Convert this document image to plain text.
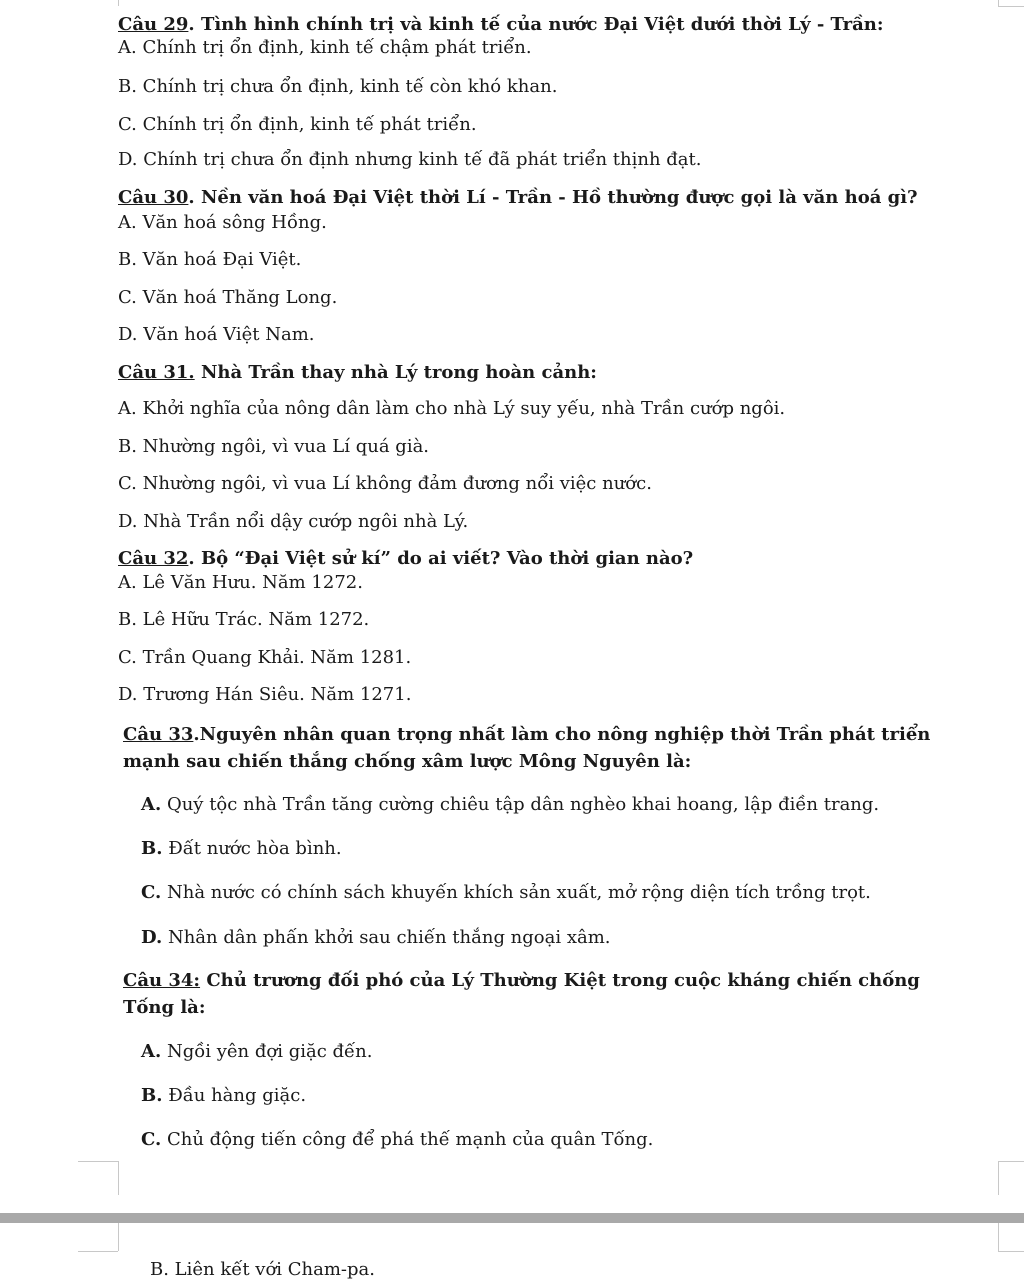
Câu 29. Tình hình chính trị và kinh tế của nước Đại Việt dưới thời Lý - Trần:
A. Chính trị ổn định, kinh tế chậm phát triển.
B. Chính trị chưa ổn định, kinh tế còn khó khan.
C. Chính trị ổn định, kinh tế phát triển.
D. Chính trị chưa ổn định nhưng kinh tế đã phát triển thịnh đạt.
Câu 30. Nền văn hoá Đại Việt thời Lí - Trần - Hồ thường được gọi là văn hoá gì?
A. Văn hoá sông Hồng.
B. Văn hoá Đại Việt.
C. Văn hoá Thăng Long.
D. Văn hoá Việt Nam.
Câu 31. Nhà Trần thay nhà Lý trong hoàn cảnh:
A. Khởi nghĩa của nông dân làm cho nhà Lý suy yếu, nhà Trần cướp ngôi.
B. Nhường ngôi, vì vua Lí quá già.
C. Nhường ngôi, vì vua Lí không đảm đương nổi việc nước.
D. Nhà Trần nổi dậy cướp ngôi nhà Lý.
Câu 32. Bộ “Đại Việt sử kí” do ai viết? Vào thời gian nào?
A. Lê Văn Hưu. Năm 1272.
B. Lê Hữu Trác. Năm 1272.
C. Trần Quang Khải. Năm 1281.
D. Trương Hán Siêu. Năm 1271.
Câu 33.Nguyên nhân quan trọng nhất làm cho nông nghiệp thời Trần phát triển
mạnh sau chiến thắng chống xâm lược Mông Nguyên là:
A. Quý tộc nhà Trần tăng cường chiêu tập dân nghèo khai hoang, lập điền trang.
B. Đất nước hòa bình.
C. Nhà nước có chính sách khuyến khích sản xuất, mở rộng diện tích trồng trọt.
D. Nhân dân phấn khởi sau chiến thắng ngoại xâm.
Câu 34: Chủ trương đối phó của Lý Thường Kiệt trong cuộc kháng chiến chống
Tống là:
A. Ngồi yên đợi giặc đến.
B. Đầu hàng giặc.
C. Chủ động tiến công để phá thế mạnh của quân Tống.
B. Liên kết với Cham-pa.
